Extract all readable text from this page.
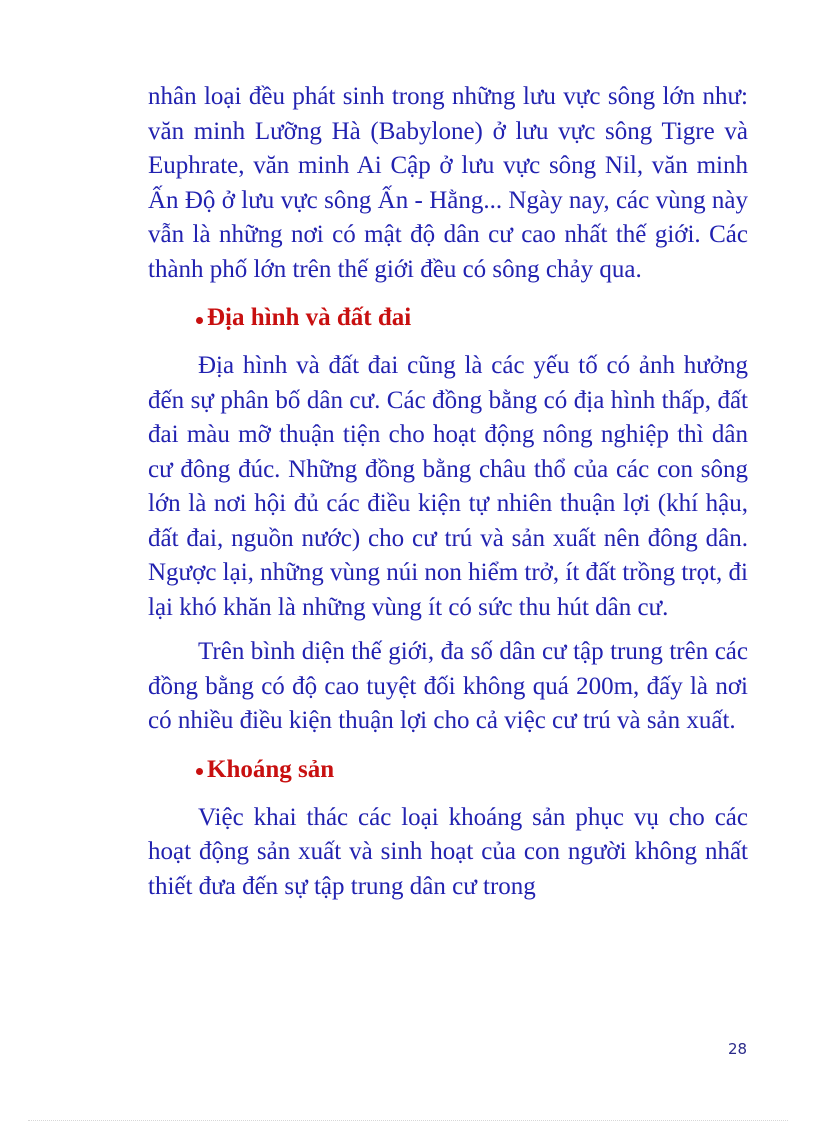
nhân loại đều phát sinh trong những lưu vực sông lớn như: văn minh Lưỡng Hà (Babylone) ở lưu vực sông Tigre và Euphrate, văn minh Ai Cập ở lưu vực sông Nil, văn minh Ấn Độ ở lưu vực sông Ấn - Hằng... Ngày nay, các vùng này vẫn là những nơi có mật độ dân cư cao nhất thế giới. Các thành phố lớn trên thế giới đều có sông chảy qua.

Địa hình và đất đai

Địa hình và đất đai cũng là các yếu tố có ảnh hưởng đến sự phân bố dân cư. Các đồng bằng có địa hình thấp, đất đai màu mỡ thuận tiện cho hoạt động nông nghiệp thì dân cư đông đúc. Những đồng bằng châu thổ của các con sông lớn là nơi hội đủ các điều kiện tự nhiên thuận lợi (khí hậu, đất đai, nguồn nước) cho cư trú và sản xuất nên đông dân. Ngược lại, những vùng núi non hiểm trở, ít đất trồng trọt, đi lại khó khăn là những vùng ít có sức thu hút dân cư.

Trên bình diện thế giới, đa số dân cư tập trung trên các đồng bằng có độ cao tuyệt đối không quá 200m, đấy là nơi có nhiều điều kiện thuận lợi cho cả việc cư trú và sản xuất.

Khoáng sản

Việc khai thác các loại khoáng sản phục vụ cho các hoạt động sản xuất và sinh hoạt của con người không nhất thiết đưa đến sự tập trung dân cư trong

28
